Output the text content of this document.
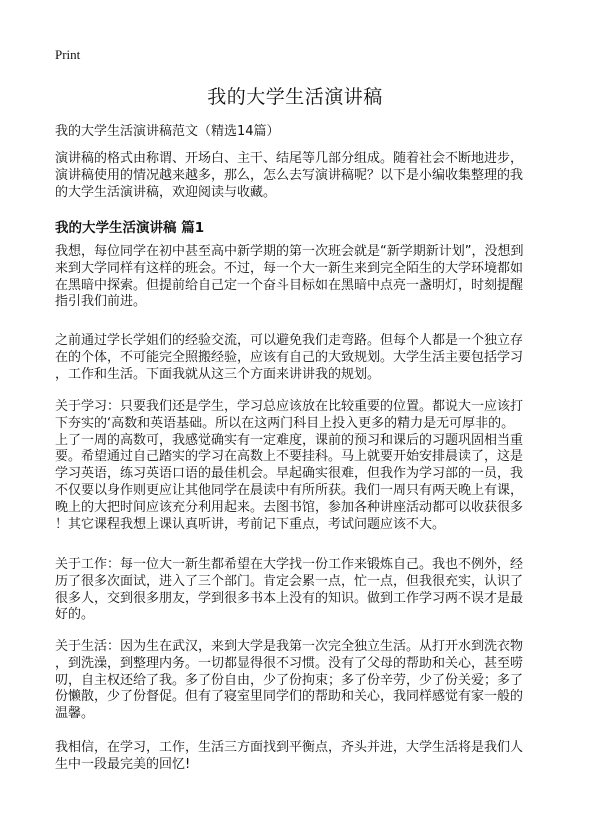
Print
我的大学生活演讲稿
我的大学生活演讲稿范文（精选14篇）
演讲稿的格式由称谓、开场白、主干、结尾等几部分组成。随着社会不断地进步，
演讲稿使用的情况越来越多，那么，怎么去写演讲稿呢？以下是小编收集整理的我
的大学生活演讲稿，欢迎阅读与收藏。
我的大学生活演讲稿 篇1
我想，每位同学在初中甚至高中新学期的第一次班会就是“新学期新计划”，没想到
来到大学同样有这样的班会。不过，每一个大一新生来到完全陌生的大学环境都如
在黑暗中探索。但提前给自己定一个奋斗目标如在黑暗中点亮一盏明灯，时刻提醒
指引我们前进。
之前通过学长学姐们的经验交流，可以避免我们走弯路。但每个人都是一个独立存
在的个体，不可能完全照搬经验，应该有自己的大致规划。大学生活主要包括学习
，工作和生活。下面我就从这三个方面来讲讲我的规划。
关于学习：只要我们还是学生，学习总应该放在比较重要的位置。都说大一应该打
下夯实的‘高数和英语基础。所以在这两门科目上投入更多的精力是无可厚非的。
上了一周的高数可，我感觉确实有一定难度，课前的预习和课后的习题巩固相当重
要。希望通过自己踏实的学习在高数上不要挂科。马上就要开始安排晨读了，这是
学习英语，练习英语口语的最佳机会。早起确实很难，但我作为学习部的一员，我
不仅要以身作则更应让其他同学在晨读中有所所获。我们一周只有两天晚上有课，
晚上的大把时间应该充分利用起来。去图书馆，参加各种讲座活动都可以收获很多
！其它课程我想上课认真听讲，考前记下重点，考试问题应该不大。
关于工作：每一位大一新生都希望在大学找一份工作来锻炼自己。我也不例外，经
历了很多次面试，进入了三个部门。肯定会累一点，忙一点，但我很充实，认识了
很多人，交到很多朋友，学到很多书本上没有的知识。做到工作学习两不误才是最
好的。
关于生活：因为生在武汉，来到大学是我第一次完全独立生活。从打开水到洗衣物
，到洗澡，到整理内务。一切都显得很不习惯。没有了父母的帮助和关心，甚至唠
叨，自主权还给了我。多了份自由，少了份拘束；多了份辛劳，少了份关爱；多了
份懒散，少了份督促。但有了寝室里同学们的帮助和关心，我同样感觉有家一般的
温馨。
我相信，在学习，工作，生活三方面找到平衡点，齐头并进，大学生活将是我们人
生中一段最完美的回忆!
